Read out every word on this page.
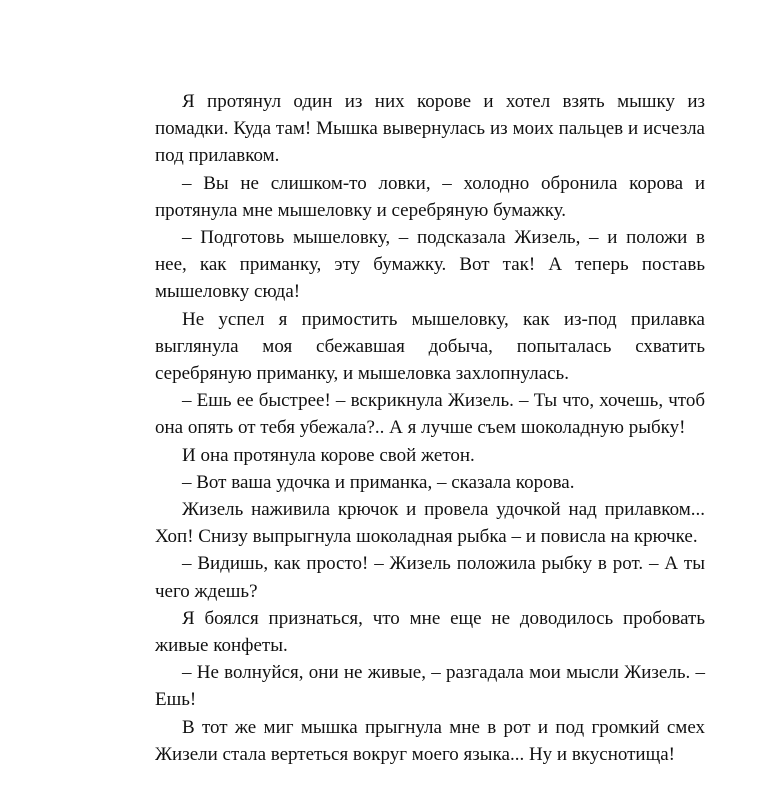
Я протянул один из них корове и хотел взять мышку из помадки. Куда там! Мышка вывернулась из моих пальцев и исчезла под прилавком.

– Вы не слишком-то ловки, – холодно обронила корова и протянула мне мышеловку и серебряную бумажку.

– Подготовь мышеловку, – подсказала Жизель, – и положи в нее, как приманку, эту бумажку. Вот так! А теперь поставь мышеловку сюда!

Не успел я примостить мышеловку, как из-под прилавка выглянула моя сбежавшая добыча, попыталась схватить серебряную приманку, и мышеловка захлопнулась.

– Ешь ее быстрее! – вскрикнула Жизель. – Ты что, хочешь, чтоб она опять от тебя убежала?.. А я лучше съем шоколадную рыбку!

И она протянула корове свой жетон.

– Вот ваша удочка и приманка, – сказала корова.

Жизель наживила крючок и провела удочкой над прилавком... Хоп! Снизу выпрыгнула шоколадная рыбка – и повисла на крючке.

– Видишь, как просто! – Жизель положила рыбку в рот. – А ты чего ждешь?

Я боялся признаться, что мне еще не доводилось пробовать живые конфеты.

– Не волнуйся, они не живые, – разгадала мои мысли Жизель. – Ешь!

В тот же миг мышка прыгнула мне в рот и под громкий смех Жизели стала вертеться вокруг моего языка... Ну и вкуснотища!
